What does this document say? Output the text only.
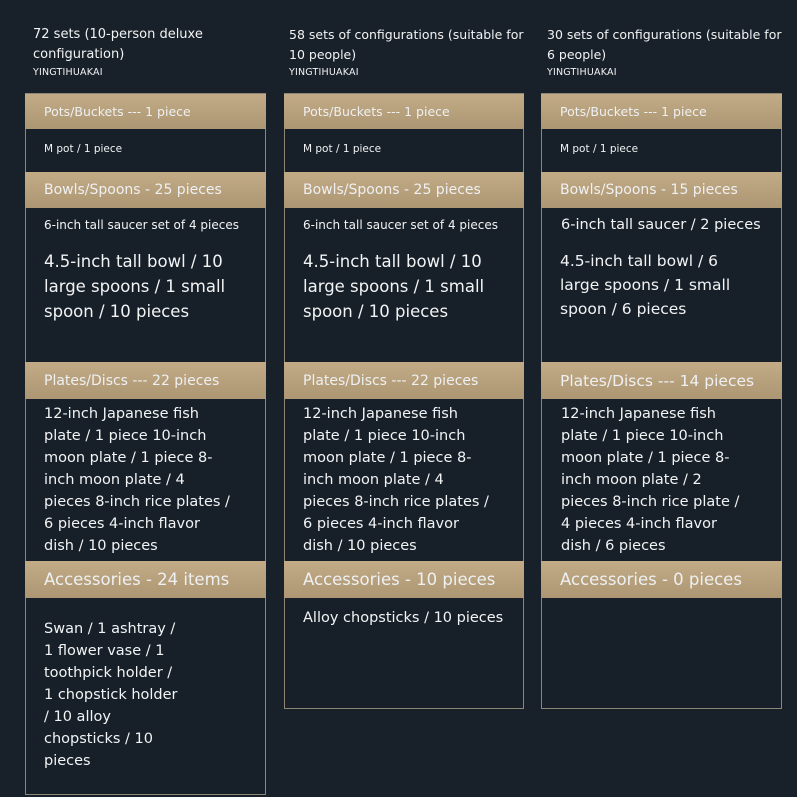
72 sets (10-person deluxe configuration)
YINGTIHUAKAI
Pots/Buckets --- 1 piece
M pot / 1 piece
Bowls/Spoons - 25 pieces
6-inch tall saucer set of 4 pieces
4.5-inch tall bowl / 10 large spoons / 1 small spoon / 10 pieces
Plates/Discs --- 22 pieces
12-inch Japanese fish plate / 1 piece 10-inch moon plate / 1 piece 8-inch moon plate / 4 pieces 8-inch rice plates / 6 pieces 4-inch flavor dish / 10 pieces
Accessories - 24 items
Swan / 1 ashtray / 1 flower vase / 1 toothpick holder / 1 chopstick holder / 10 alloy chopsticks / 10 pieces
58 sets of configurations (suitable for 10 people)
YINGTIHUAKAI
Pots/Buckets --- 1 piece
M pot / 1 piece
Bowls/Spoons - 25 pieces
6-inch tall saucer set of 4 pieces
4.5-inch tall bowl / 10 large spoons / 1 small spoon / 10 pieces
Plates/Discs --- 22 pieces
12-inch Japanese fish plate / 1 piece 10-inch moon plate / 1 piece 8-inch moon plate / 4 pieces 8-inch rice plates / 6 pieces 4-inch flavor dish / 10 pieces
Accessories - 10 pieces
Alloy chopsticks / 10 pieces
30 sets of configurations (suitable for 6 people)
YINGTIHUAKAI
Pots/Buckets --- 1 piece
M pot / 1 piece
Bowls/Spoons - 15 pieces
6-inch tall saucer / 2 pieces
4.5-inch tall bowl / 6 large spoons / 1 small spoon / 6 pieces
Plates/Discs --- 14 pieces
12-inch Japanese fish plate / 1 piece 10-inch moon plate / 1 piece 8-inch moon plate / 2 pieces 8-inch rice plate / 4 pieces 4-inch flavor dish / 6 pieces
Accessories - 0 pieces
